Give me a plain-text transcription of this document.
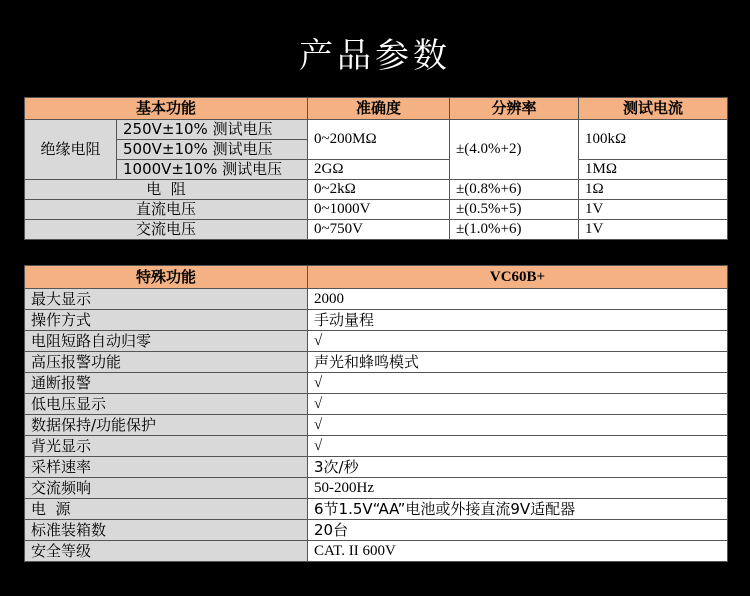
产品参数
基本功能		准确度	分辨率	测试电流
绝缘电阻	250V±10% 测试电压	0~200MΩ	±(4.0%+2)	100kΩ
	500V±10% 测试电压			
	1000V±10% 测试电压	2GΩ		1MΩ
电  阻		0~2kΩ	±(0.8%+6)	1Ω
直流电压		0~1000V	±(0.5%+5)	1V
交流电压		0~750V	±(1.0%+6)	1V
特殊功能	VC60B+
最大显示	2000
操作方式	手动量程
电阻短路自动归零	√
高压报警功能	声光和蜂鸣模式
通断报警	√
低电压显示	√
数据保持/功能保护	√
背光显示	√
采样速率	3次/秒
交流频响	50-200Hz
电  源	6节1.5V“AA”电池或外接直流9V适配器
标准装箱数	20台
安全等级	CAT. II 600V
